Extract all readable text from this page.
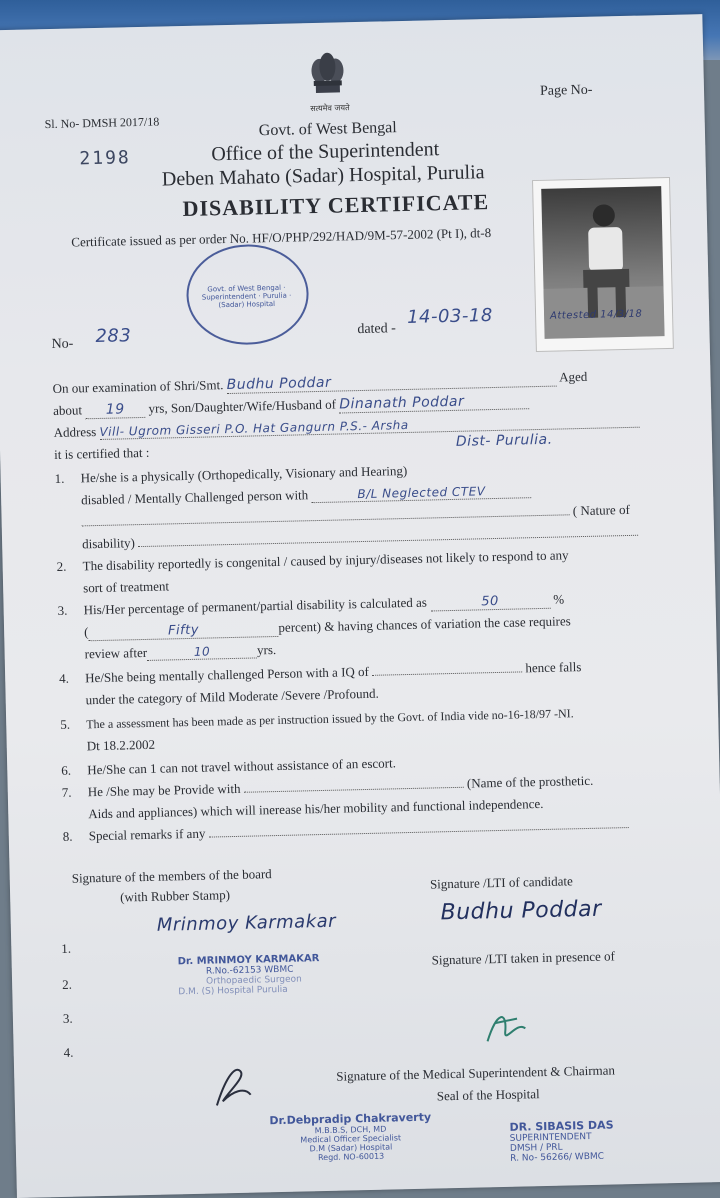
सत्यमेव जयते
Sl. No- DMSH 2017/18
2198
Page No-
Govt. of West Bengal
Office of the Superintendent
Deben Mahato (Sadar) Hospital, Purulia
DISABILITY CERTIFICATE
Certificate issued as per order No. HF/O/PHP/292/HAD/9M-57-2002 (Pt I), dt-8
Govt. of West Bengal · Superintendent · Purulia · (Sadar) Hospital
Attested 14/3/18
No- 283	dated -
14-03-18
On our examination of Shri/Smt. Budhu Poddar	Aged
about 19 yrs, Son/Daughter/Wife/Husband of Dinanath Poddar
Address Vill- Ugrom Gisseri P.O. Hat Gangurn P.S.- Arsha
Dist- Purulia.
it is certified that :
1. He/she is a physically (Orthopedically, Visionary and Hearing)
disabled / Mentally Challenged person with	B/L Neglected CTEV
( Nature of
disability)
2. The disability reportedly is congenital / caused by injury/diseases not likely to respond to any
sort of treatment
3. His/Her percentage of permanent/partial disability is calculated as	50	%
(	Fifty	percent) & having chances of variation the case requires
review after	10	yrs.
4. He/She being mentally challenged Person with a IQ of	hence falls
under the category of Mild Moderate /Severe /Profound.
5. The a assessment has been made as per instruction issued by the Govt. of India vide no-16-18/97 -NI.
Dt 18.2.2002
6. He/She can 1 can not travel without assistance of an escort.
7. He /She may be Provide with	(Name of the prosthetic.
Aids and appliances) which will inerease his/her mobility and functional independence.
8. Special remarks if any
Signature of the members of the board
(with Rubber Stamp)
Signature /LTI of candidate
Budhu Poddar
Signature /LTI taken in presence of
1.
2.
3.
4.
Mrinmoy Karmakar
Dr. MRINMOY KARMAKAR
R.No.-62153 WBMC
Orthopaedic Surgeon
D.M. (S) Hospital Purulia
Signature of the Medical Superintendent & Chairman
Seal of the Hospital
Dr.Debpradip Chakraverty
M.B.B.S, DCH, MD
Medical Officer Specialist
D.M (Sadar) Hospital
Regd. NO-60013
DR. SIBASIS DAS
SUPERINTENDENT
DMSH / PRL
R. No- 56266/ WBMC
